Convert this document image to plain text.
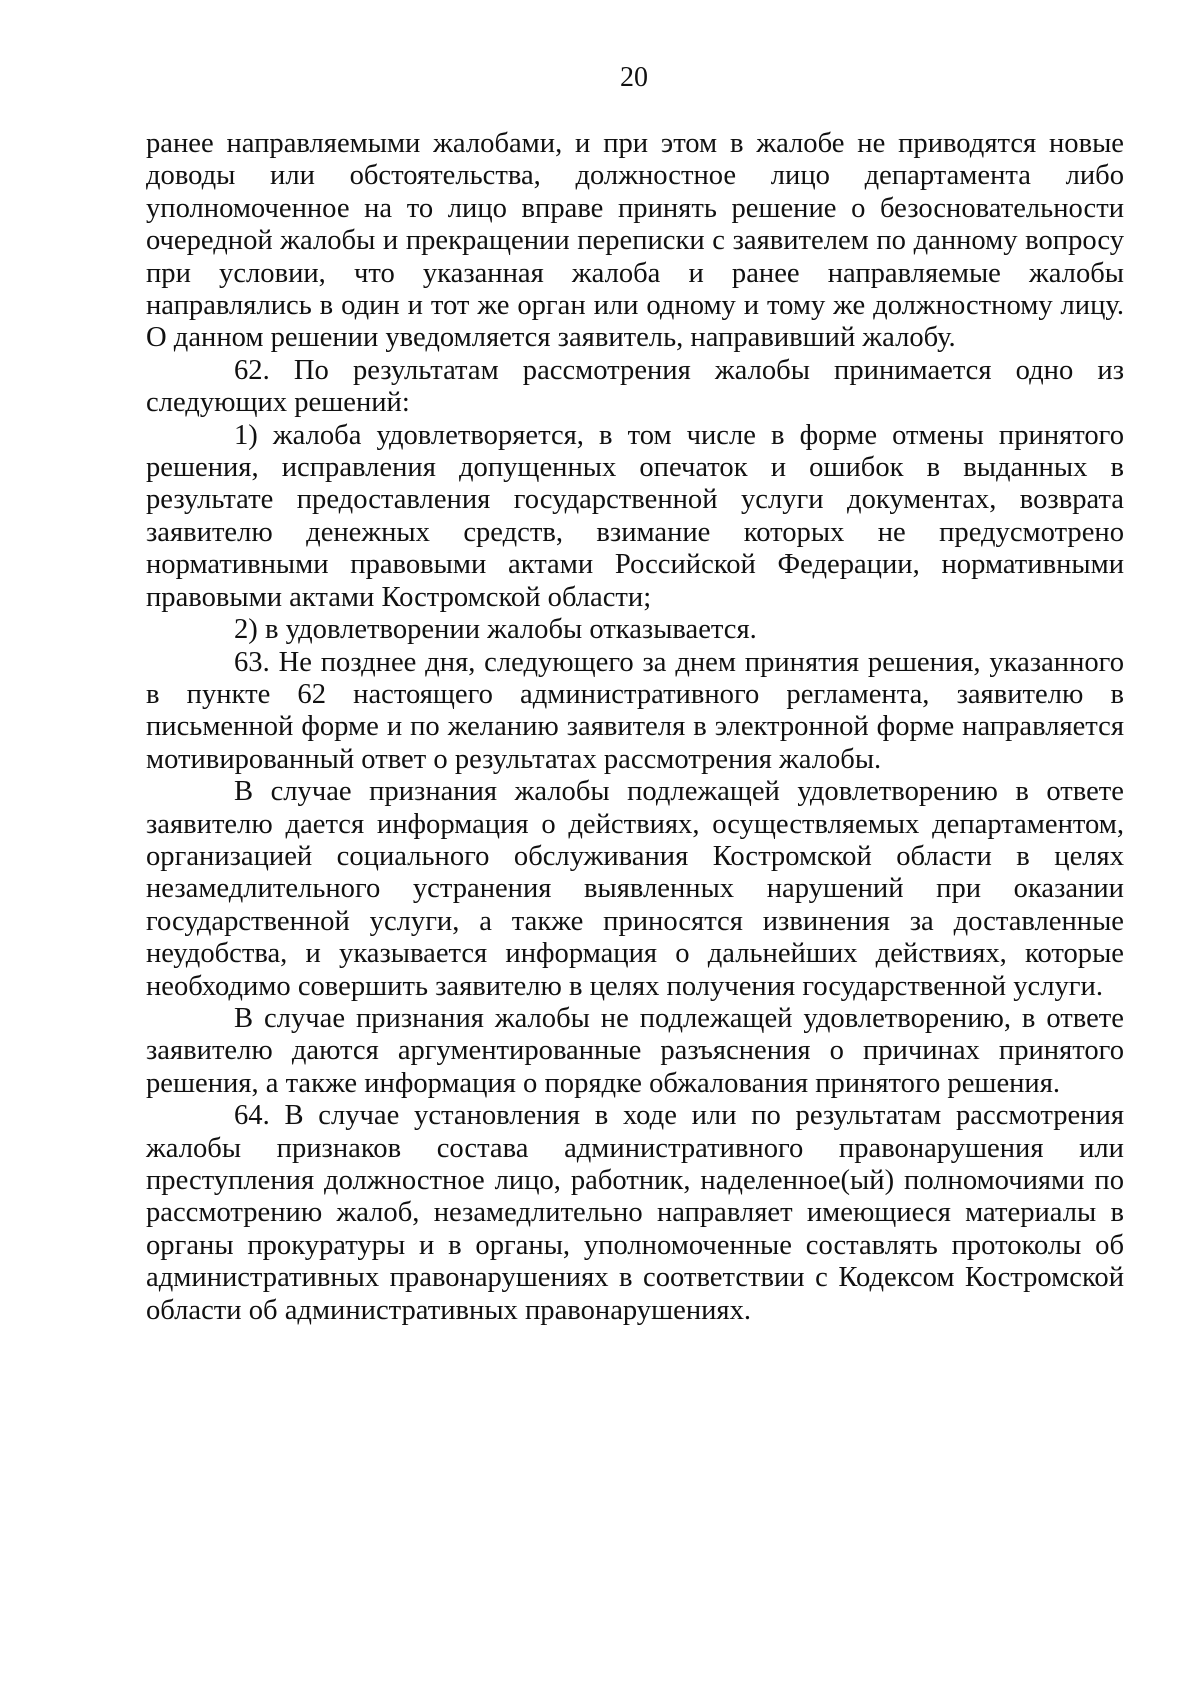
20

ранее направляемыми жалобами, и при этом в жалобе не приводятся новые доводы или обстоятельства, должностное лицо департамента либо уполномоченное на то лицо вправе принять решение о безосновательности очередной жалобы и прекращении переписки с заявителем по данному вопросу при условии, что указанная жалоба и ранее направляемые жалобы направлялись в один и тот же орган или одному и тому же должностному лицу. О данном решении уведомляется заявитель, направивший жалобу.

62. По результатам рассмотрения жалобы принимается одно из следующих решений:

1) жалоба удовлетворяется, в том числе в форме отмены принятого решения, исправления допущенных опечаток и ошибок в выданных в результате предоставления государственной услуги документах, возврата заявителю денежных средств, взимание которых не предусмотрено нормативными правовыми актами Российской Федерации, нормативными правовыми актами Костромской области;

2) в удовлетворении жалобы отказывается.

63. Не позднее дня, следующего за днем принятия решения, указанного в пункте 62 настоящего административного регламента, заявителю в письменной форме и по желанию заявителя в электронной форме направляется мотивированный ответ о результатах рассмотрения жалобы.

В случае признания жалобы подлежащей удовлетворению в ответе заявителю дается информация о действиях, осуществляемых департаментом, организацией социального обслуживания Костромской области в целях незамедлительного устранения выявленных нарушений при оказании государственной услуги, а также приносятся извинения за доставленные неудобства, и указывается информация о дальнейших действиях, которые необходимо совершить заявителю в целях получения государственной услуги.

В случае признания жалобы не подлежащей удовлетворению, в ответе заявителю даются аргументированные разъяснения о причинах принятого решения, а также информация о порядке обжалования принятого решения.

64. В случае установления в ходе или по результатам рассмотрения жалобы признаков состава административного правонарушения или преступления должностное лицо, работник, наделенное(ый) полномочиями по рассмотрению жалоб, незамедлительно направляет имеющиеся материалы в органы прокуратуры и в органы, уполномоченные составлять протоколы об административных правонарушениях в соответствии с Кодексом Костромской области об административных правонарушениях.
